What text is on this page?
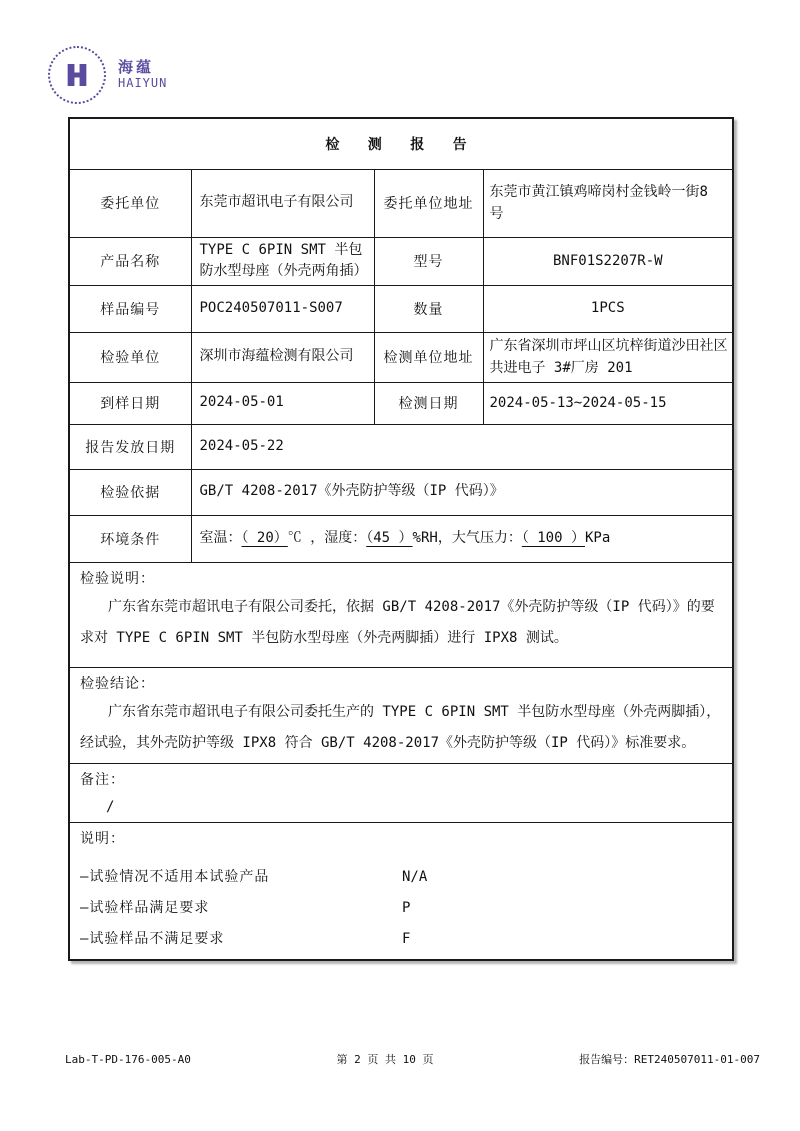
海蕴
HAIYUN
检 测 报 告			
委托单位	东莞市超讯电子有限公司	委托单位地址	东莞市黄江镇鸡啼岗村金钱岭一街8 号
产品名称	TYPE C 6PIN SMT 半包防水型母座（外壳两角插）	型号	BNF01S2207R-W
样品编号	POC240507011-S007	数量	1PCS
检验单位	深圳市海蕴检测有限公司	检测单位地址	广东省深圳市坪山区坑梓街道沙田社区共进电子 3#厂房 201
到样日期	2024-05-01	检测日期	2024-05-13~2024-05-15
报告发放日期	2024-05-22		
检验依据	GB/T 4208-2017《外壳防护等级（IP 代码）》		
环境条件	室温：（ 20）℃ ，湿度：（45 ）%RH，大气压力：（ 100 ）KPa		

检验说明：

广东省东莞市超讯电子有限公司委托，依据 GB/T 4208-2017《外壳防护等级（IP 代码）》的要求对 TYPE C 6PIN SMT 半包防水型母座（外壳两脚插）进行 IPX8 测试。			

检验结论：

广东省东莞市超讯电子有限公司委托生产的 TYPE C 6PIN SMT 半包防水型母座（外壳两脚插），经试验，其外壳防护等级 IPX8 符合 GB/T 4208-2017《外壳防护等级（IP 代码）》标准要求。			

备注：
/			

说明：
—试验情况不适用本试验产品	N/A
—试验样品满足要求	P
—试验样品不满足要求	F
Lab-T-PD-176-005-A0	第 2 页 共 10 页	报告编号：RET240507011-01-007
